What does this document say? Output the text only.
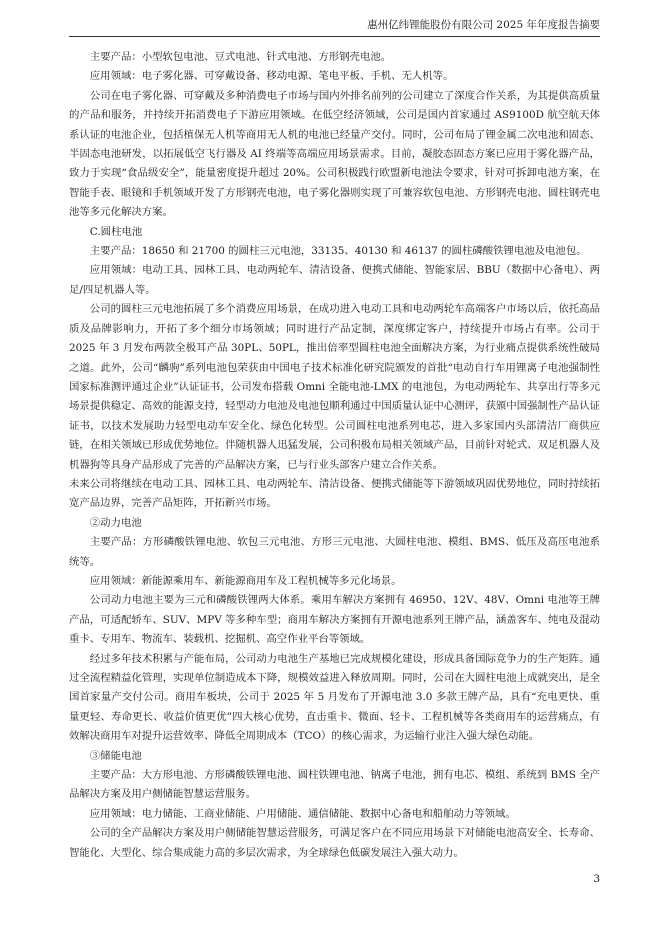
惠州亿纬锂能股份有限公司 2025 年年度报告摘要

主要产品：小型软包电池、豆式电池、针式电池、方形钢壳电池。

应用领域：电子雾化器、可穿戴设备、移动电源、笔电平板、手机、无人机等。

公司在电子雾化器、可穿戴及多种消费电子市场与国内外排名前列的公司建立了深度合作关系，为其提供高质量的产品和服务，并持续开拓消费电子下游应用领域。在低空经济领域，公司是国内首家通过 AS9100D 航空航天体系认证的电池企业，包括植保无人机等商用无人机的电池已经量产交付。同时，公司布局了锂金属二次电池和固态、半固态电池研发，以拓展低空飞行器及 AI 终端等高端应用场景需求。目前，凝胶态固态方案已应用于雾化器产品，致力于实现“食品级安全”，能量密度提升超过 20%。公司积极践行欧盟新电池法令要求，针对可拆卸电池方案，在智能手表、眼镜和手机领域开发了方形钢壳电池，电子雾化器则实现了可兼容软包电池、方形钢壳电池、圆柱钢壳电池等多元化解决方案。

C.圆柱电池

主要产品：18650 和 21700 的圆柱三元电池，33135、40130 和 46137 的圆柱磷酸铁锂电池及电池包。

应用领域：电动工具、园林工具、电动两轮车、清洁设备、便携式储能、智能家居、BBU（数据中心备电）、两足/四足机器人等。

公司的圆柱三元电池拓展了多个消费应用场景，在成功进入电动工具和电动两轮车高端客户市场以后，依托高品质及品牌影响力，开拓了多个细分市场领域；同时进行产品定制，深度绑定客户，持续提升市场占有率。公司于 2025 年 3 月发布两款全极耳产品 30PL、50PL，推出倍率型圆柱电池全面解决方案，为行业痛点提供系统性破局之道。此外，公司“麟驹”系列电池包荣获由中国电子技术标准化研究院颁发的首批“电动自行车用锂离子电池强制性国家标准测评通过企业”认证证书，公司发布搭载 Omni 全能电池-LMX 的电池包，为电动两轮车、共享出行等多元场景提供稳定、高效的能源支持，轻型动力电池及电池包顺利通过中国质量认证中心测评，获颁中国强制性产品认证证书，以技术发展助力轻型电动车安全化、绿色化转型。公司圆柱电池系列电芯，进入多家国内头部清洁厂商供应链，在相关领域已形成优势地位。伴随机器人迅猛发展，公司积极布局相关领域产品，目前针对轮式、双足机器人及机器狗等具身产品形成了完善的产品解决方案，已与行业头部客户建立合作关系。

未来公司将继续在电动工具、园林工具、电动两轮车、清洁设备、便携式储能等下游领域巩固优势地位，同时持续拓宽产品边界，完善产品矩阵，开拓新兴市场。

②动力电池

主要产品：方形磷酸铁锂电池、软包三元电池、方形三元电池、大圆柱电池、模组、BMS、低压及高压电池系统等。

应用领域：新能源乘用车、新能源商用车及工程机械等多元化场景。

公司动力电池主要为三元和磷酸铁锂两大体系。乘用车解决方案拥有 46950、12V、48V、Omni 电池等王牌产品，可适配轿车、SUV、MPV 等多种车型；商用车解决方案拥有开源电池系列王牌产品，涵盖客车、纯电及混动重卡、专用车、物流车、装载机、挖掘机、高空作业平台等领域。

经过多年技术积累与产能布局，公司动力电池生产基地已完成规模化建设，形成具备国际竞争力的生产矩阵。通过全流程精益化管理，实现单位制造成本下降，规模效益进入释放周期。同时，公司在大圆柱电池上成就突出，是全国首家量产交付公司。商用车板块，公司于 2025 年 5 月发布了开源电池 3.0 多款王牌产品，具有“充电更快、重量更轻、寿命更长、收益价值更优”四大核心优势，直击重卡、微面、轻卡、工程机械等各类商用车的运营痛点，有效解决商用车对提升运营效率、降低全周期成本（TCO）的核心需求，为运输行业注入强大绿色动能。

③储能电池

主要产品：大方形电池、方形磷酸铁锂电池、圆柱铁锂电池、钠离子电池，拥有电芯、模组、系统到 BMS 全产品解决方案及用户侧储能智慧运营服务。

应用领域：电力储能、工商业储能、户用储能、通信储能、数据中心备电和船舶动力等领域。

公司的全产品解决方案及用户侧储能智慧运营服务，可满足客户在不同应用场景下对储能电池高安全、长寿命、智能化、大型化、综合集成能力高的多层次需求，为全球绿色低碳发展注入强大动力。

3
